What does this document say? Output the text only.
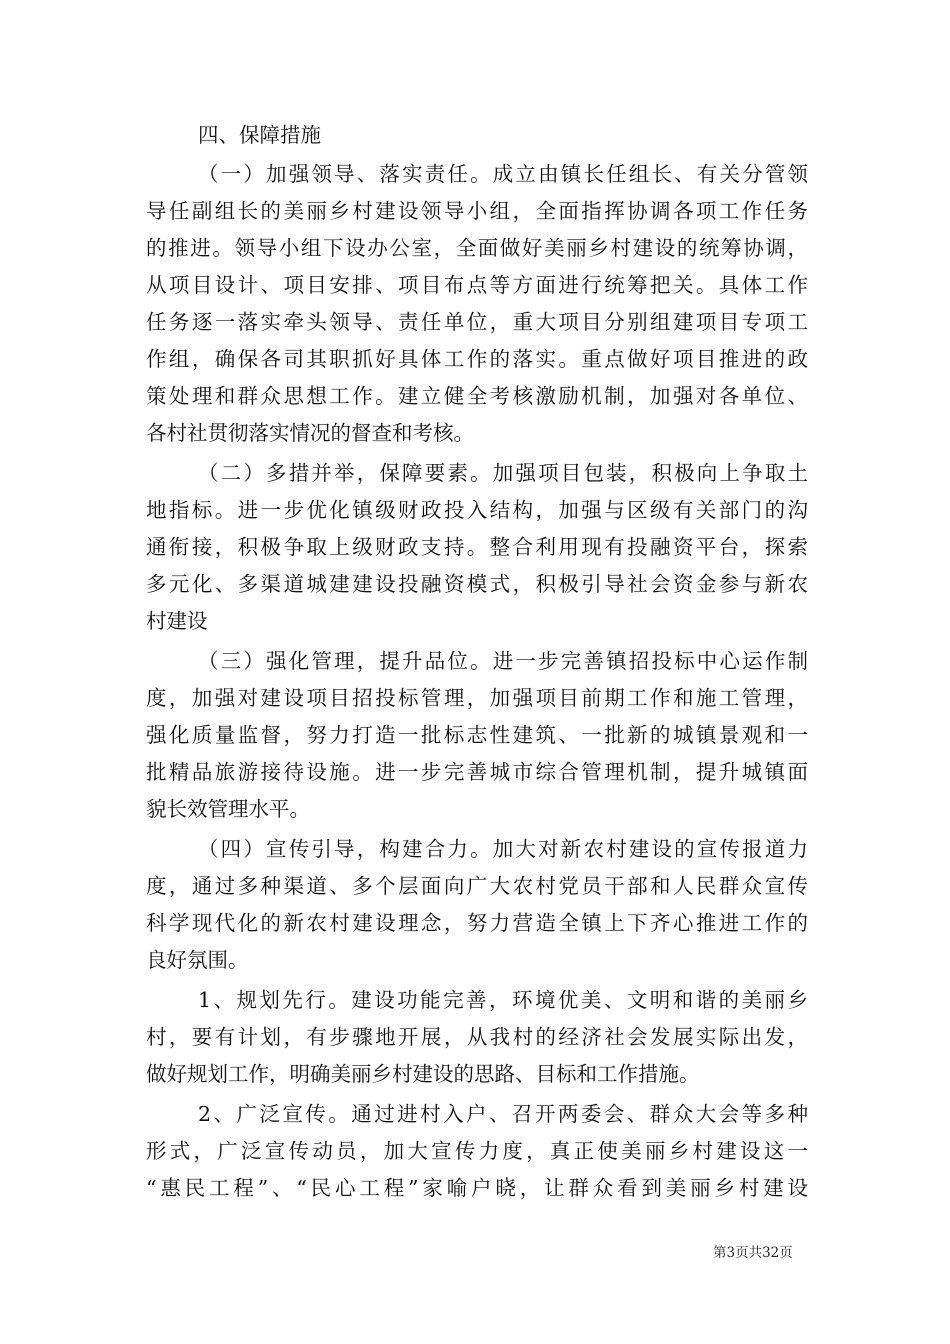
四、保障措施
（一）加强领导、落实责任。成立由镇长任组长、有关分管领
导任副组长的美丽乡村建设领导小组，全面指挥协调各项工作任务
的推进。领导小组下设办公室，全面做好美丽乡村建设的统筹协调，
从项目设计、项目安排、项目布点等方面进行统筹把关。具体工作
任务逐一落实牵头领导、责任单位，重大项目分别组建项目专项工
作组，确保各司其职抓好具体工作的落实。重点做好项目推进的政
策处理和群众思想工作。建立健全考核激励机制，加强对各单位、
各村社贯彻落实情况的督查和考核。
（二）多措并举，保障要素。加强项目包装，积极向上争取土
地指标。进一步优化镇级财政投入结构，加强与区级有关部门的沟
通衔接，积极争取上级财政支持。整合利用现有投融资平台，探索
多元化、多渠道城建建设投融资模式，积极引导社会资金参与新农
村建设
（三）强化管理，提升品位。进一步完善镇招投标中心运作制
度，加强对建设项目招投标管理，加强项目前期工作和施工管理，
强化质量监督，努力打造一批标志性建筑、一批新的城镇景观和一
批精品旅游接待设施。进一步完善城市综合管理机制，提升城镇面
貌长效管理水平。
（四）宣传引导，构建合力。加大对新农村建设的宣传报道力
度，通过多种渠道、多个层面向广大农村党员干部和人民群众宣传
科学现代化的新农村建设理念，努力营造全镇上下齐心推进工作的
良好氛围。
1、规划先行。建设功能完善，环境优美、文明和谐的美丽乡
村，要有计划，有步骤地开展，从我村的经济社会发展实际出发，
做好规划工作，明确美丽乡村建设的思路、目标和工作措施。
2、广泛宣传。通过进村入户、召开两委会、群众大会等多种
形式，广泛宣传动员，加大宣传力度，真正使美丽乡村建设这一
“惠民工程”、“民心工程”家喻户晓，让群众看到美丽乡村建设
第3页共32页
